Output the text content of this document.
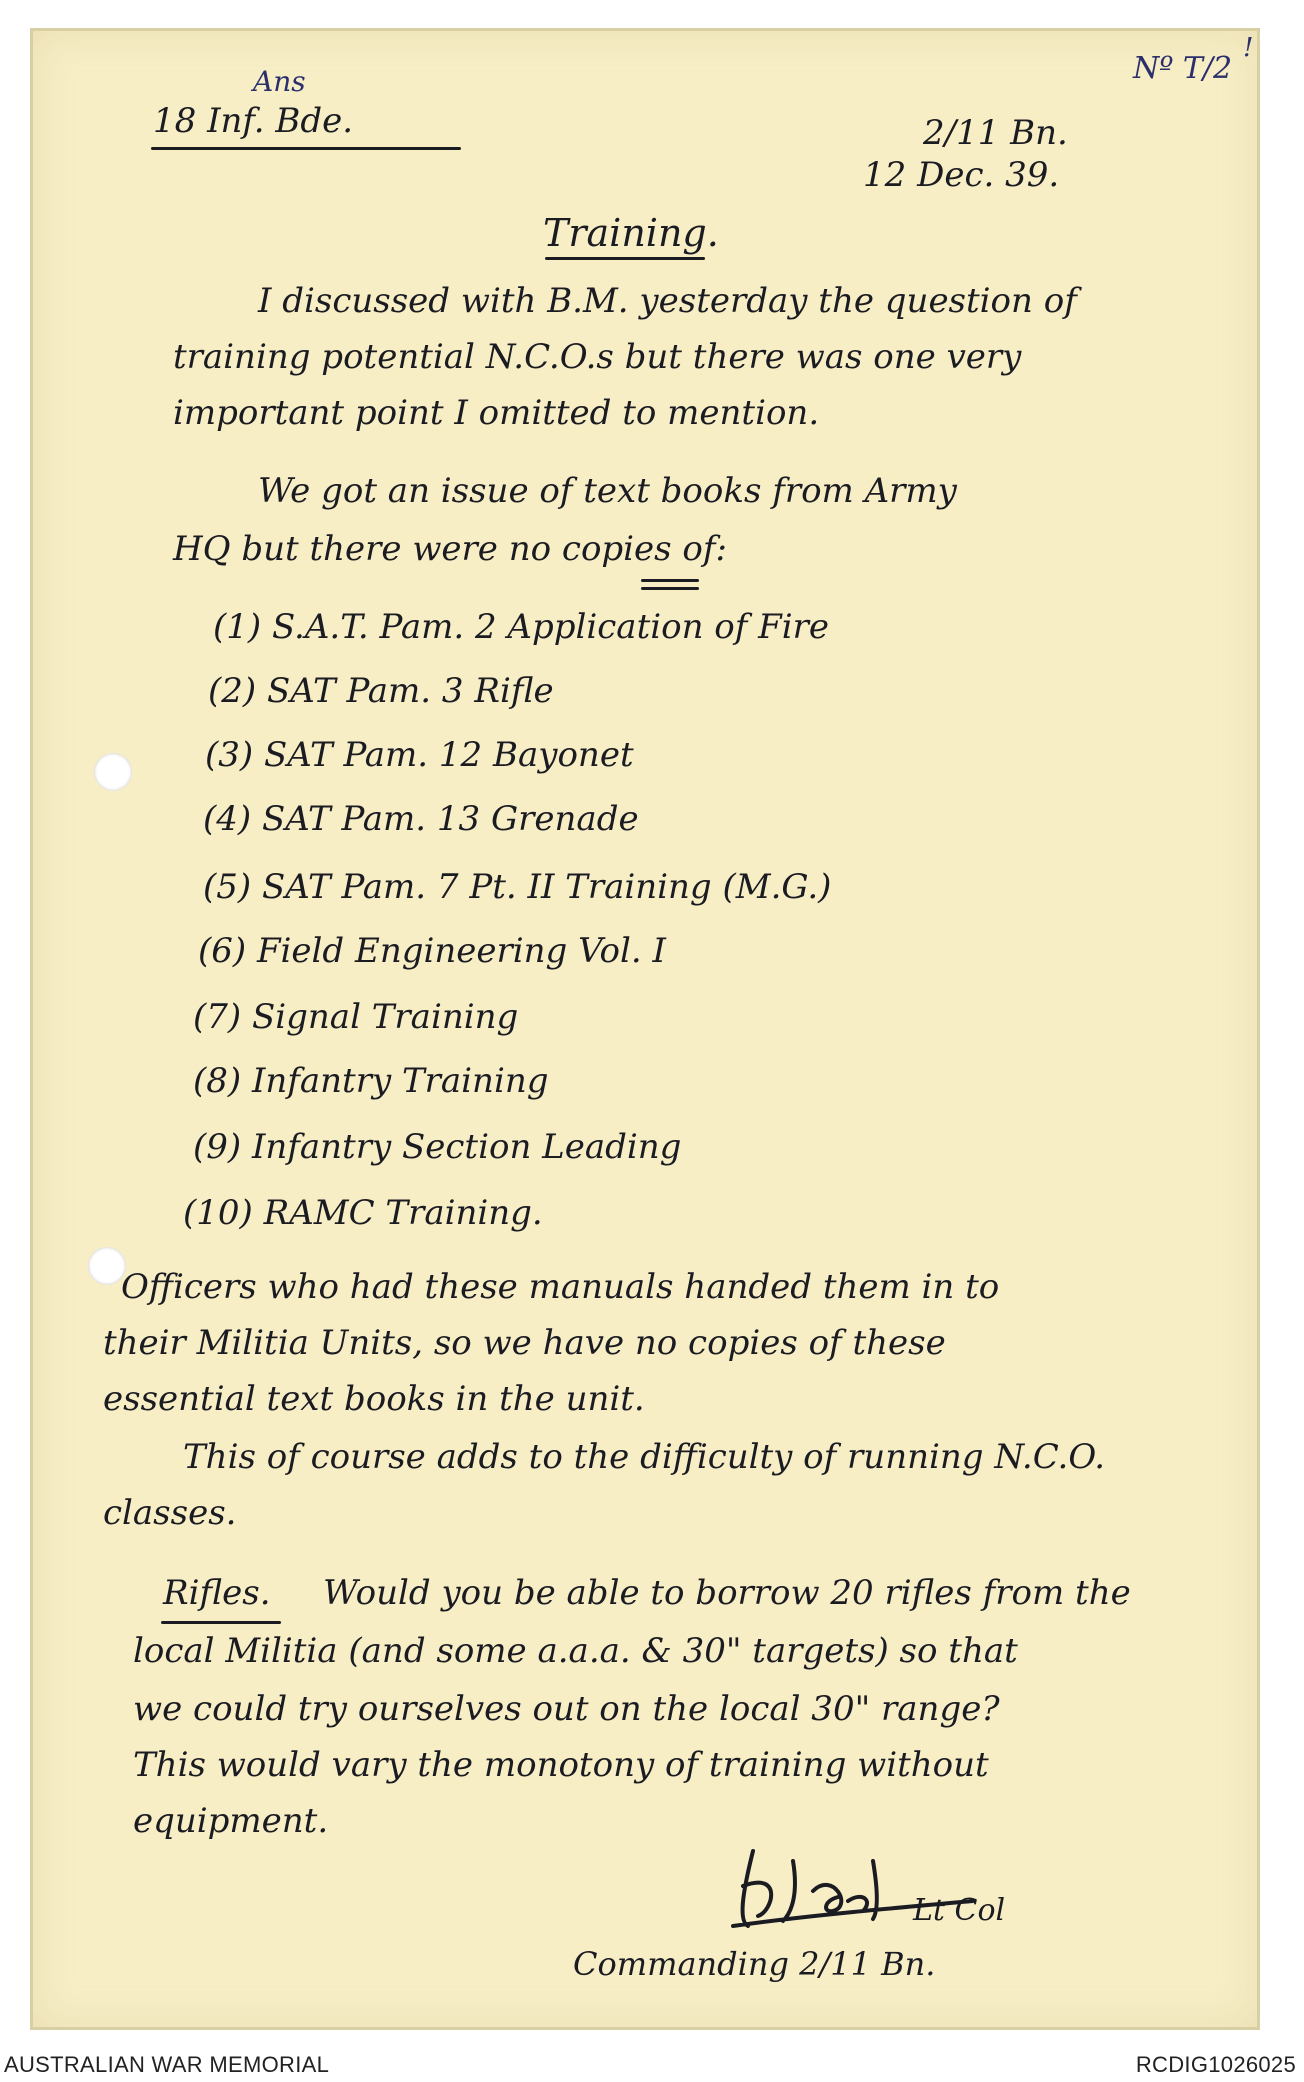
Nº T/2
!
Ans
18 Inf. Bde.	2/11 Bn.
12 Dec. 39.
Training.
I discussed with B.M. yesterday the question of
training potential N.C.O.s but there was one very
important point I omitted to mention.
We got an issue of text books from Army
HQ but there were no copies of:
(1) S.A.T. Pam. 2 Application of Fire
(2) SAT Pam. 3 Rifle
(3) SAT Pam. 12 Bayonet
(4) SAT Pam. 13 Grenade
(5) SAT Pam. 7 Pt. II Training (M.G.)
(6) Field Engineering Vol. I
(7) Signal Training
(8) Infantry Training
(9) Infantry Section Leading
(10) RAMC Training.
Officers who had these manuals handed them in to
their Militia Units, so we have no copies of these
essential text books in the unit.
This of course adds to the difficulty of running N.C.O.
classes.
Rifles. Would you be able to borrow 20 rifles from the
local Militia (and some a.a.a. & 30" targets) so that
we could try ourselves out on the local 30" range?
This would vary the monotony of training without
equipment.
Lt Col
Commanding 2/11 Bn.
AUSTRALIAN WAR MEMORIAL	RCDIG1026025
